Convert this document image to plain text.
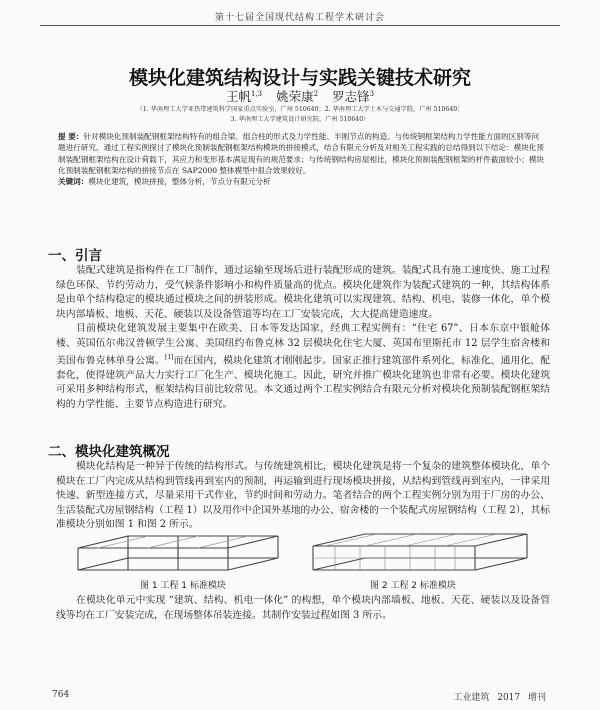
第十七届全国现代结构工程学术研讨会
模块化建筑结构设计与实践关键技术研究
王帆$^{1,3}$ 姚荣康$^2$ 罗志锋$^3$
（1. 华南理工大学亚热带建筑科学国家重点实验室，广州 510640；2. 华南理工大学土木与交通学院，广州 510640；
3. 华南理工大学建筑设计研究院，广州 510640）

提 要：针对模块化预制装配钢框架结构特有的组合梁、组合柱的形式及力学性能、半刚节点的构造、与传统钢框架结构力学性能方面的区别等问题进行研究。通过工程实例探讨了模块化预制装配钢框架结构模块的拼接模式，结合有限元分析及对相关工程实践的总结得到以下结论：模块化预制装配钢框架结构在设计荷载下，其应力和变形基本满足现有的规范要求；与传统钢结构房屋相比，模块化预制装配钢框架的杆件截面较小；模块化预制装配钢框架结构的拼接节点在 SAP2000 整体模型中很合效果较好。

关键词：模块化建筑，模块拼接，整体分析，节点分有限元分析

一、引言

装配式建筑是指构件在工厂制作，通过运输至现场后进行装配形成的建筑。装配式具有施工速度快、施工过程绿色环保、节约劳动力，受气候条件影响小和构件质量高的优点。模块化建筑作为装配式建筑的一种，其结构体系是由单个结构稳定的模块通过模块之间的拼装形成。模块化建筑可以实现建筑、结构、机电、装修一体化，单个模块内部墙板、地板、天花、硬装以及设备管道等均在工厂安装完成，大大提高建造速度。

目前模块化建筑发展主要集中在欧美、日本等发达国家，经典工程实例有：“住宅 67”、日本东京中银舱体楼、英国伍尔弗汉普顿学生公寓、美国纽约布鲁克林 32 层模块化住宅大厦、英国布里斯托市 12 层学生宿舍楼和美国布鲁克林单身公寓。[1]而在国内，模块化建筑才刚刚起步。国家正推行建筑部件系列化、标准化、通用化、配套化，使得建筑产品大力实行工厂化生产、模块化施工。因此，研究并推广模块化建筑也非常有必要。模块化建筑可采用多种结构形式，框架结构目前比较常见。本文通过两个工程实例结合有限元分析对模块化预制装配钢框架结构的力学性能、主要节点构造进行研究。

二、模块化建筑概况

模块化结构是一种异于传统的结构形式。与传统建筑相比，模块化建筑是将一个复杂的建筑整体模块化，单个模块在工厂内完成从结构到管线再到室内的预制，再运输到进行现场模块拼接，从结构到管线再到室内，一律采用快速、新型连接方式，尽量采用干式作业，节约时间和劳动力。笔者结合的两个工程实例分别为用于厂房的办公、生活装配式房屋钢结构（工程 1）以及用作中企国外基地的办公、宿舍楼的一个装配式房屋钢结构（工程 2），其标准模块分别如图 1 和图 2 所示。

图 1 工程 1 标准模块	图 2 工程 2 标准模块

在模块化单元中实现 “建筑、结构、机电一体化” 的构想，单个模块内部墙板、地板、天花、硬装以及设备管线等均在工厂安装完成，在现场整体吊装连接。其制作安装过程如图 3 所示。

764	工业建筑 2017 增刊
